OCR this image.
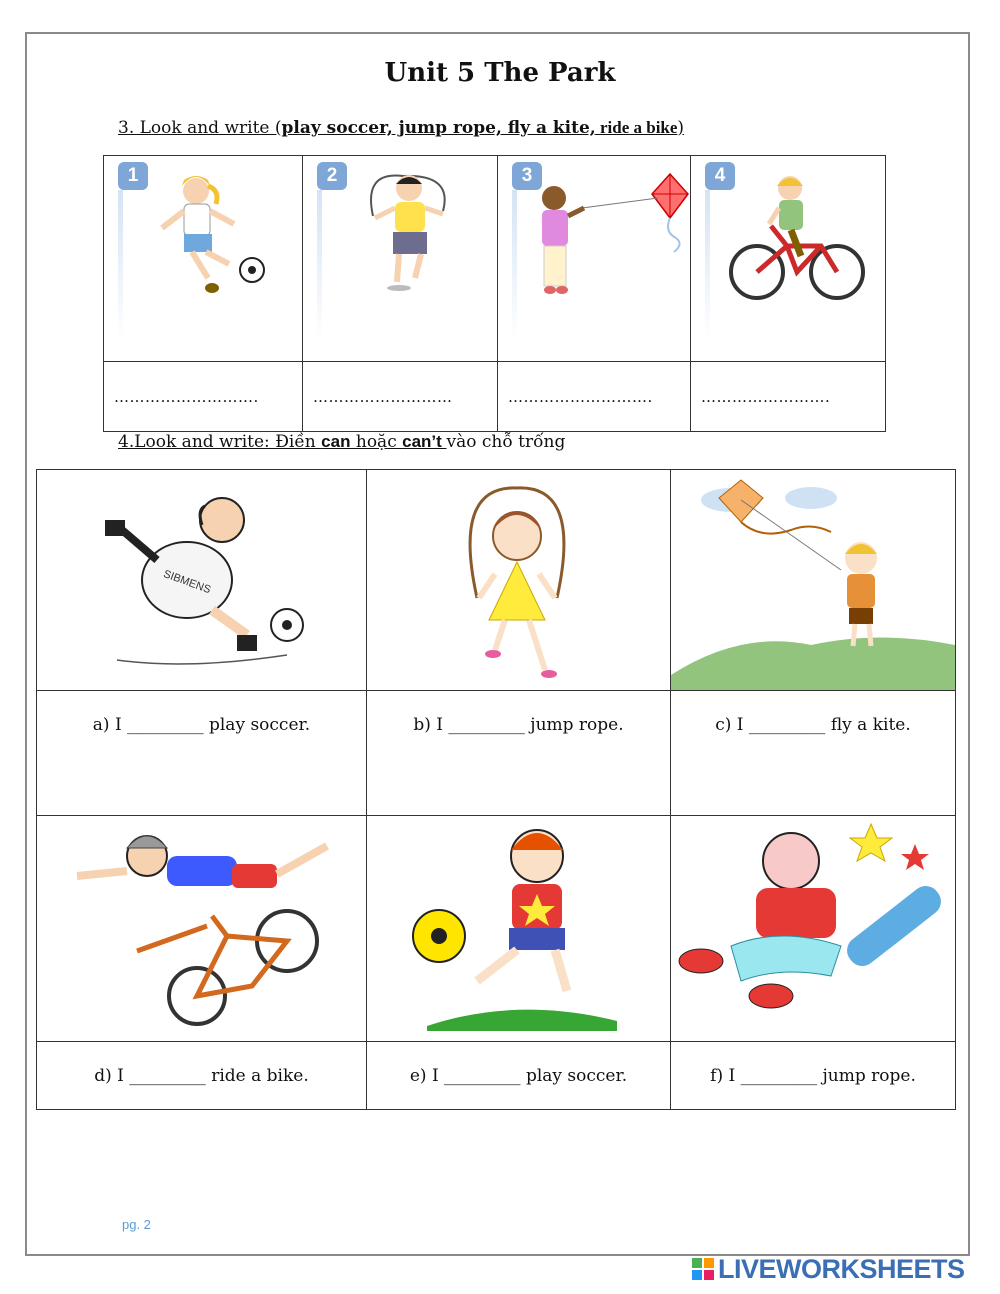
Unit 5 The Park
3. Look and write (play soccer, jump rope, fly a kite, ride a bike)
1	2	3	4

……………………….	………………………	……………………….	…………………….
4.Look and write: Điền can hoặc can’t vào chỗ trống
SIBMENS

a) I _________ play soccer.	b) I _________ jump rope.	c) I _________ fly a kite.

d) I _________ ride a bike.	e) I _________ play soccer.	f) I _________ jump rope.
pg. 2
LIVEWORKSHEETS
